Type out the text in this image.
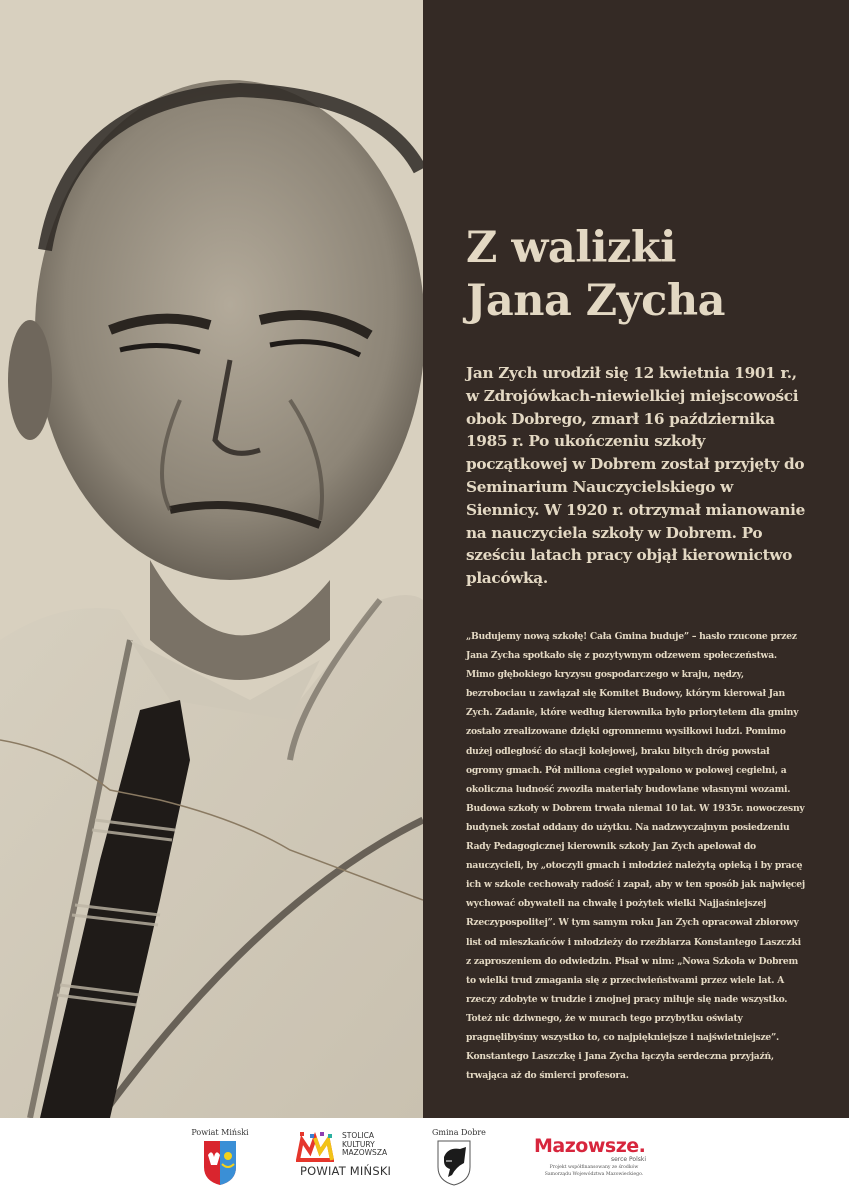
Z walizki
Jana Zycha

Jan Zych urodził się 12 kwietnia 1901 r., w Zdrojówkach-niewielkiej miejscowości obok Dobrego, zmarł 16 października 1985 r. Po ukończeniu szkoły początkowej w Dobrem został przyjęty do Seminarium Nauczycielskiego w Siennicy. W 1920 r. otrzymał mianowanie na nauczyciela szkoły w Dobrem. Po sześciu latach pracy objął kierownictwo placówką.

„Budujemy nową szkołę! Cała Gmina buduje” – hasło rzucone przez Jana Zycha spotkało się z pozytywnym odzewem społeczeństwa. Mimo głębokiego kryzysu gospodarczego w kraju, nędzy, bezrobociau u zawiązał się Komitet Budowy, którym kierował Jan Zych. Zadanie, które według kierownika było priorytetem dla gminy zostało zrealizowane dzięki ogromnemu wysiłkowi ludzi. Pomimo dużej odległość do stacji kolejowej, braku bitych dróg powstał ogromy gmach. Pół miliona cegieł wypalono w polowej cegielni, a okoliczna ludność zwoziła materiały budowlane własnymi wozami. Budowa szkoły w Dobrem trwała niemal 10 lat. W 1935r. nowoczesny budynek został oddany do użytku. Na nadzwyczajnym posiedzeniu Rady Pedagogicznej kierownik szkoły Jan Zych apelował do nauczycieli, by „otoczyli gmach i młodzież należytą opieką i by pracę ich w szkole cechowały radość i zapał, aby w ten sposób jak najwięcej wychować obywateli na chwałę i pożytek wielki Najjaśniejszej Rzeczypospolitej”. W tym samym roku Jan Zych opracował zbiorowy list od mieszkańców i młodzieży do rzeźbiarza Konstantego Laszczki z zaproszeniem do odwiedzin. Pisał w nim: „Nowa Szkoła w Dobrem to wielki trud zmagania się z przeciwieństwami przez wiele lat. A rzeczy zdobyte w trudzie i znojnej pracy miłuje się nade wszystko. Toteż nic dziwnego, że w murach tego przybytku oświaty pragnęlibyśmy wszystko to, co najpiękniejsze i najświetniejsze”. Konstantego Laszczkę i Jana Zycha łączyła serdeczna przyjaźń, trwająca aż do śmierci profesora.

Powiat Miński	STOLICA
KULTURY
MAZOWSZA
POWIAT MIŃSKI
Gmina Dobre
Mazowsze.
serce Polski
Projekt współfinansowany ze środków
Samorządu Województwa Mazowieckiego.
